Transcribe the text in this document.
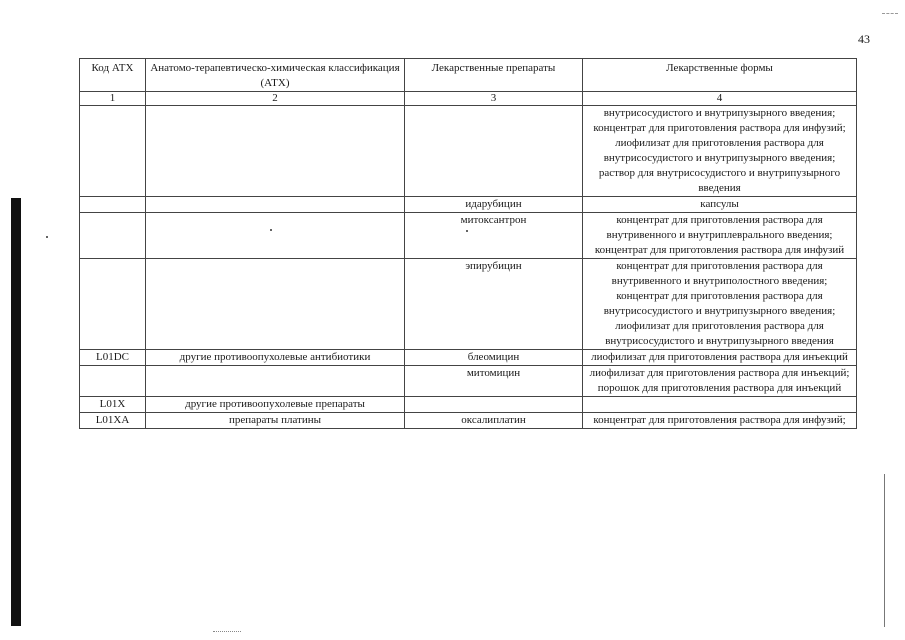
43
Код АТХ	Анатомо-терапевтическо-химическая классификация (АТХ)	Лекарственные препараты	Лекарственные формы
1	2	3	4
			внутрисосудистого и внутрипузырного введения;
концентрат для приготовления раствора для инфузий;
лиофилизат для приготовления раствора для внутрисосудистого и внутрипузырного введения;
раствор для внутрисосудистого и внутрипузырного введения
		идарубицин	капсулы
		митоксантрон	концентрат для приготовления раствора для внутривенного и внутриплеврального введения;
концентрат для приготовления раствора для инфузий
		эпирубицин	концентрат для приготовления раствора для внутривенного и внутриполостного введения;
концентрат для приготовления раствора для внутрисосудистого и внутрипузырного введения;
лиофилизат для приготовления раствора для внутрисосудистого и внутрипузырного введения
L01DC	другие противоопухолевые антибиотики	блеомицин	лиофилизат для приготовления раствора для инъекций
		митомицин	лиофилизат для приготовления раствора для инъекций;
порошок для приготовления раствора для инъекций
L01X	другие противоопухолевые препараты		
L01XA	препараты платины	оксалиплатин	концентрат для приготовления раствора для инфузий;
